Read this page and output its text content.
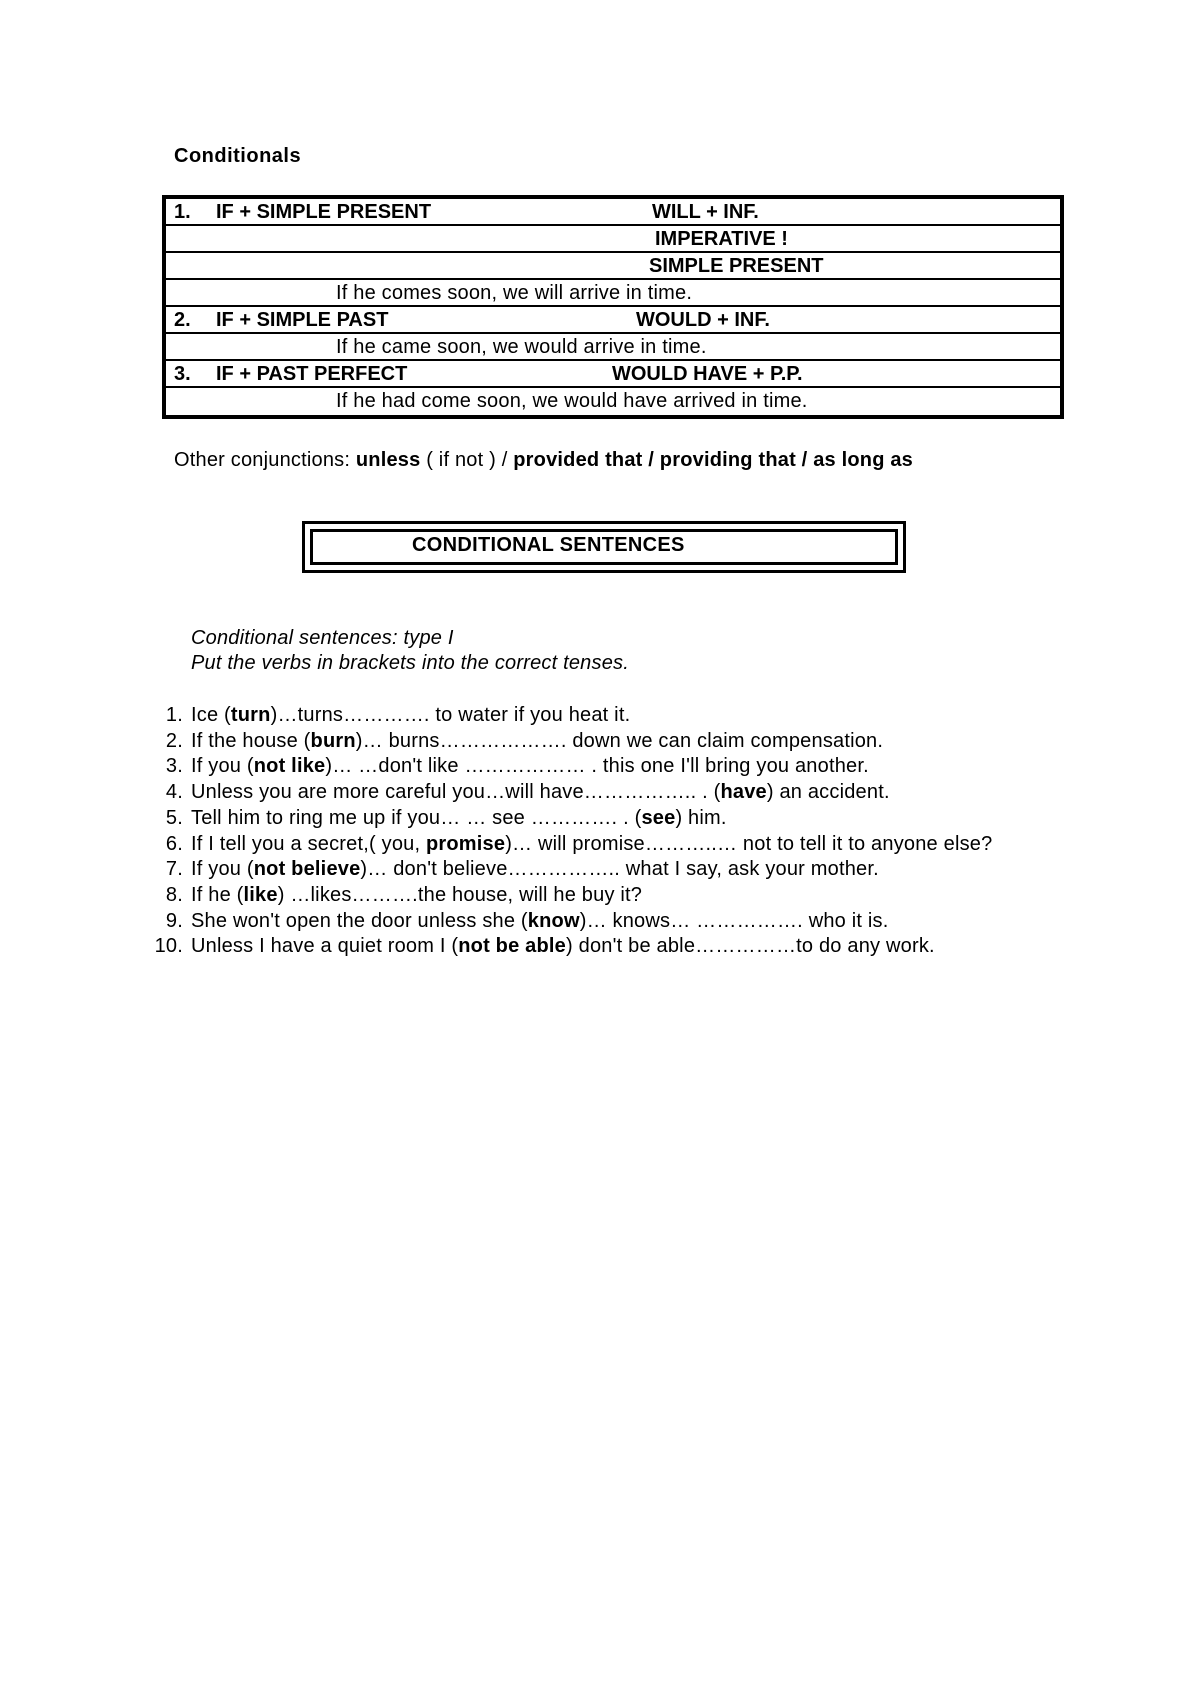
Conditionals
1. IF + SIMPLE PRESENT	WILL + INF.
IMPERATIVE !
SIMPLE PRESENT
If he comes soon, we will arrive in time.
2. IF + SIMPLE PAST	WOULD + INF.
If he came soon, we would arrive in time.
3. IF + PAST PERFECT	WOULD HAVE + P.P.
If he had come soon, we would have arrived in time.
Other conjunctions: unless ( if not ) / provided that / providing that / as long as
CONDITIONAL SENTENCES
Conditional sentences: type I
Put the verbs in brackets into the correct tenses.
1. Ice (turn)…turns…………. to water if you heat it.
2. If the house (burn)… burns………………. down we can claim compensation.
3. If you (not like)… …don't like ……………… . this one I'll bring you another.
4. Unless you are more careful you…will have…………….. . (have) an accident.
5. Tell him to ring me up if you… … see …………. . (see) him.
6. If I tell you a secret,( you, promise)… will promise………..… not to tell it to anyone else?
7. If you (not believe)… don't believe…………….. what I say, ask your mother.
8. If he (like) …likes……….the house, will he buy it?
9. She won't open the door unless she (know)… knows… ……………. who it is.
10. Unless I have a quiet room I (not be able) don't be able……………to do any work.
